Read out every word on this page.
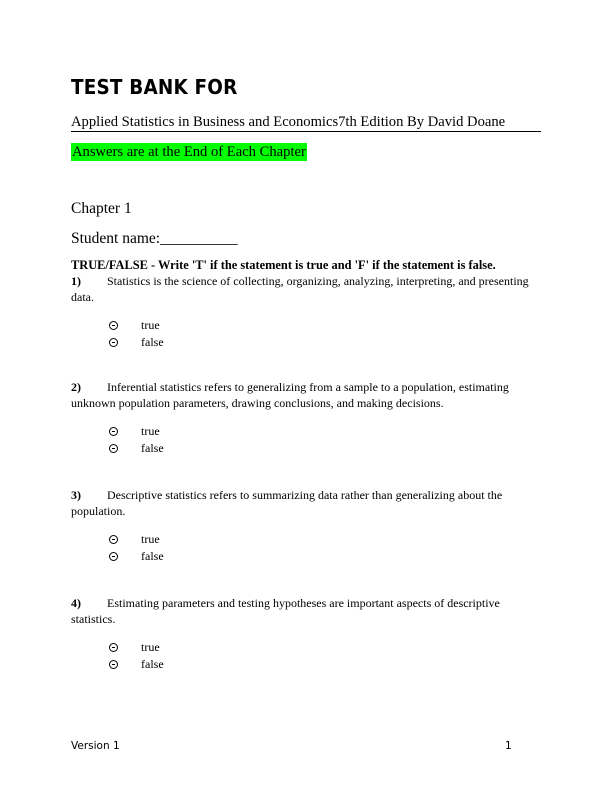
TEST BANK FOR
Applied Statistics in Business and Economics7th Edition By David Doane
Answers are at the End of Each Chapter
Chapter 1
Student name:__________
TRUE/FALSE - Write 'T' if the statement is true and 'F' if the statement is false.
1) Statistics is the science of collecting, organizing, analyzing, interpreting, and presenting data.
true
false
2) Inferential statistics refers to generalizing from a sample to a population, estimating unknown population parameters, drawing conclusions, and making decisions.
true
false
3) Descriptive statistics refers to summarizing data rather than generalizing about the population.
true
false
4) Estimating parameters and testing hypotheses are important aspects of descriptive statistics.
true
false
Version 1	1
